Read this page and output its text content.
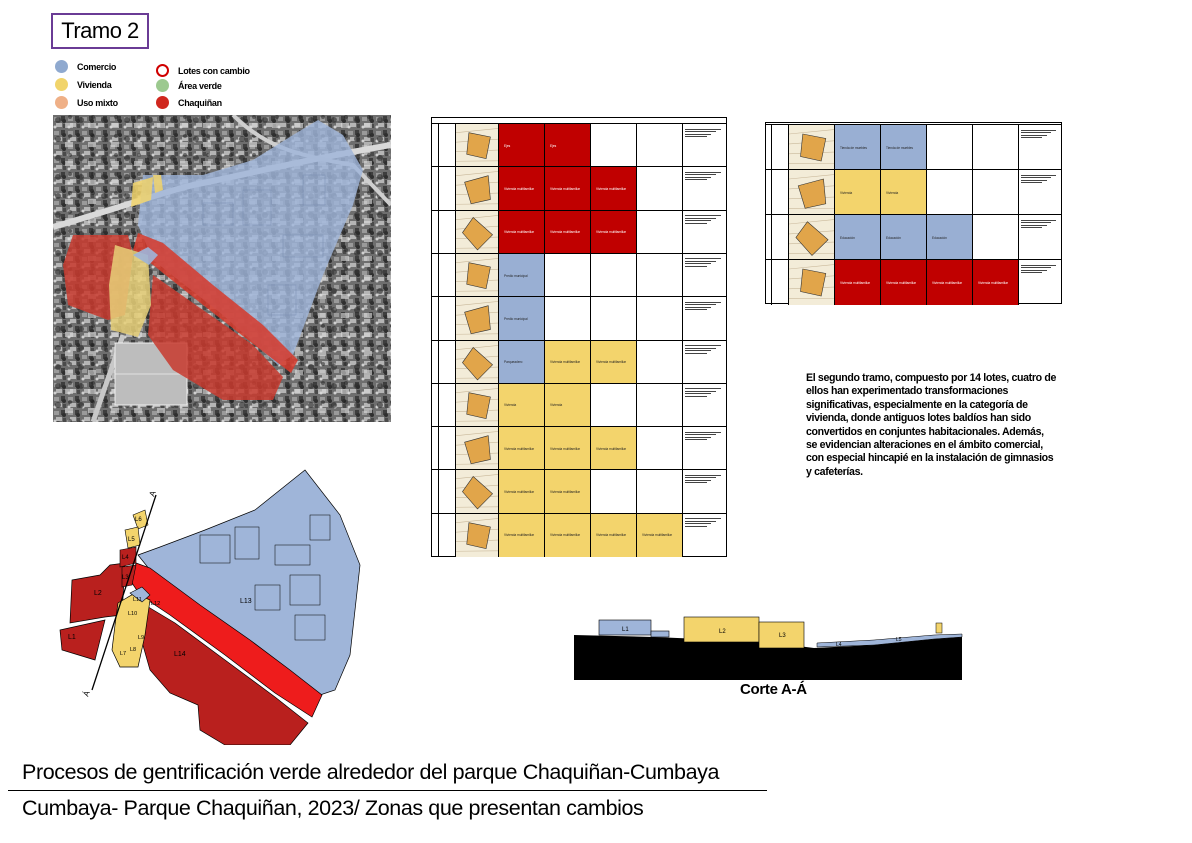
Tramo 2
Comercio
Vivienda
Uso mixto
Lotes con cambio
Área verde
Chaquiñan
Ejes	Ejes
Vivienda multifamiliar	Vivienda multifamiliar	Vivienda multifamiliar
Vivienda multifamiliar	Vivienda multifamiliar	Vivienda multifamiliar
Predio municipal
Predio municipal
Parqueadero	Vivienda multifamiliar	Vivienda multifamiliar
Vivienda	Vivienda
Vivienda multifamiliar	Vivienda multifamiliar	Vivienda multifamiliar
Vivienda multifamiliar	Vivienda multifamiliar
Vivienda multifamiliar	Vivienda multifamiliar	Vivienda multifamiliar	Vivienda multifamiliar
Tienda de muebles	Tienda de muebles
Vivienda	Vivienda
Educación	Educación	Educación
Vivienda multifamiliar	Vivienda multifamiliar	Vivienda multifamiliar	Vivienda multifamiliar
El segundo tramo, compuesto por 14 lotes, cuatro de ellos han experimentado transformaciones significativas, especialmente en la categoría de vivienda, donde antiguos lotes baldíos han sido convertidos en conjuntes habitacionales. Además, se evidencian alteraciones en el ámbito comercial, con especial hincapié en la instalación de gimnasios y cafeterías.
L1	L2
L3
L4
L5
Corte A-Á
A
Á
L1
L2
L3
L4
L5
L6
L7
L8
L9
L10
L11
L12	L13
L14
Procesos de gentrificación verde alrededor del parque Chaquiñan-Cumbaya
Cumbaya- Parque Chaquiñan, 2023/ Zonas que presentan cambios
